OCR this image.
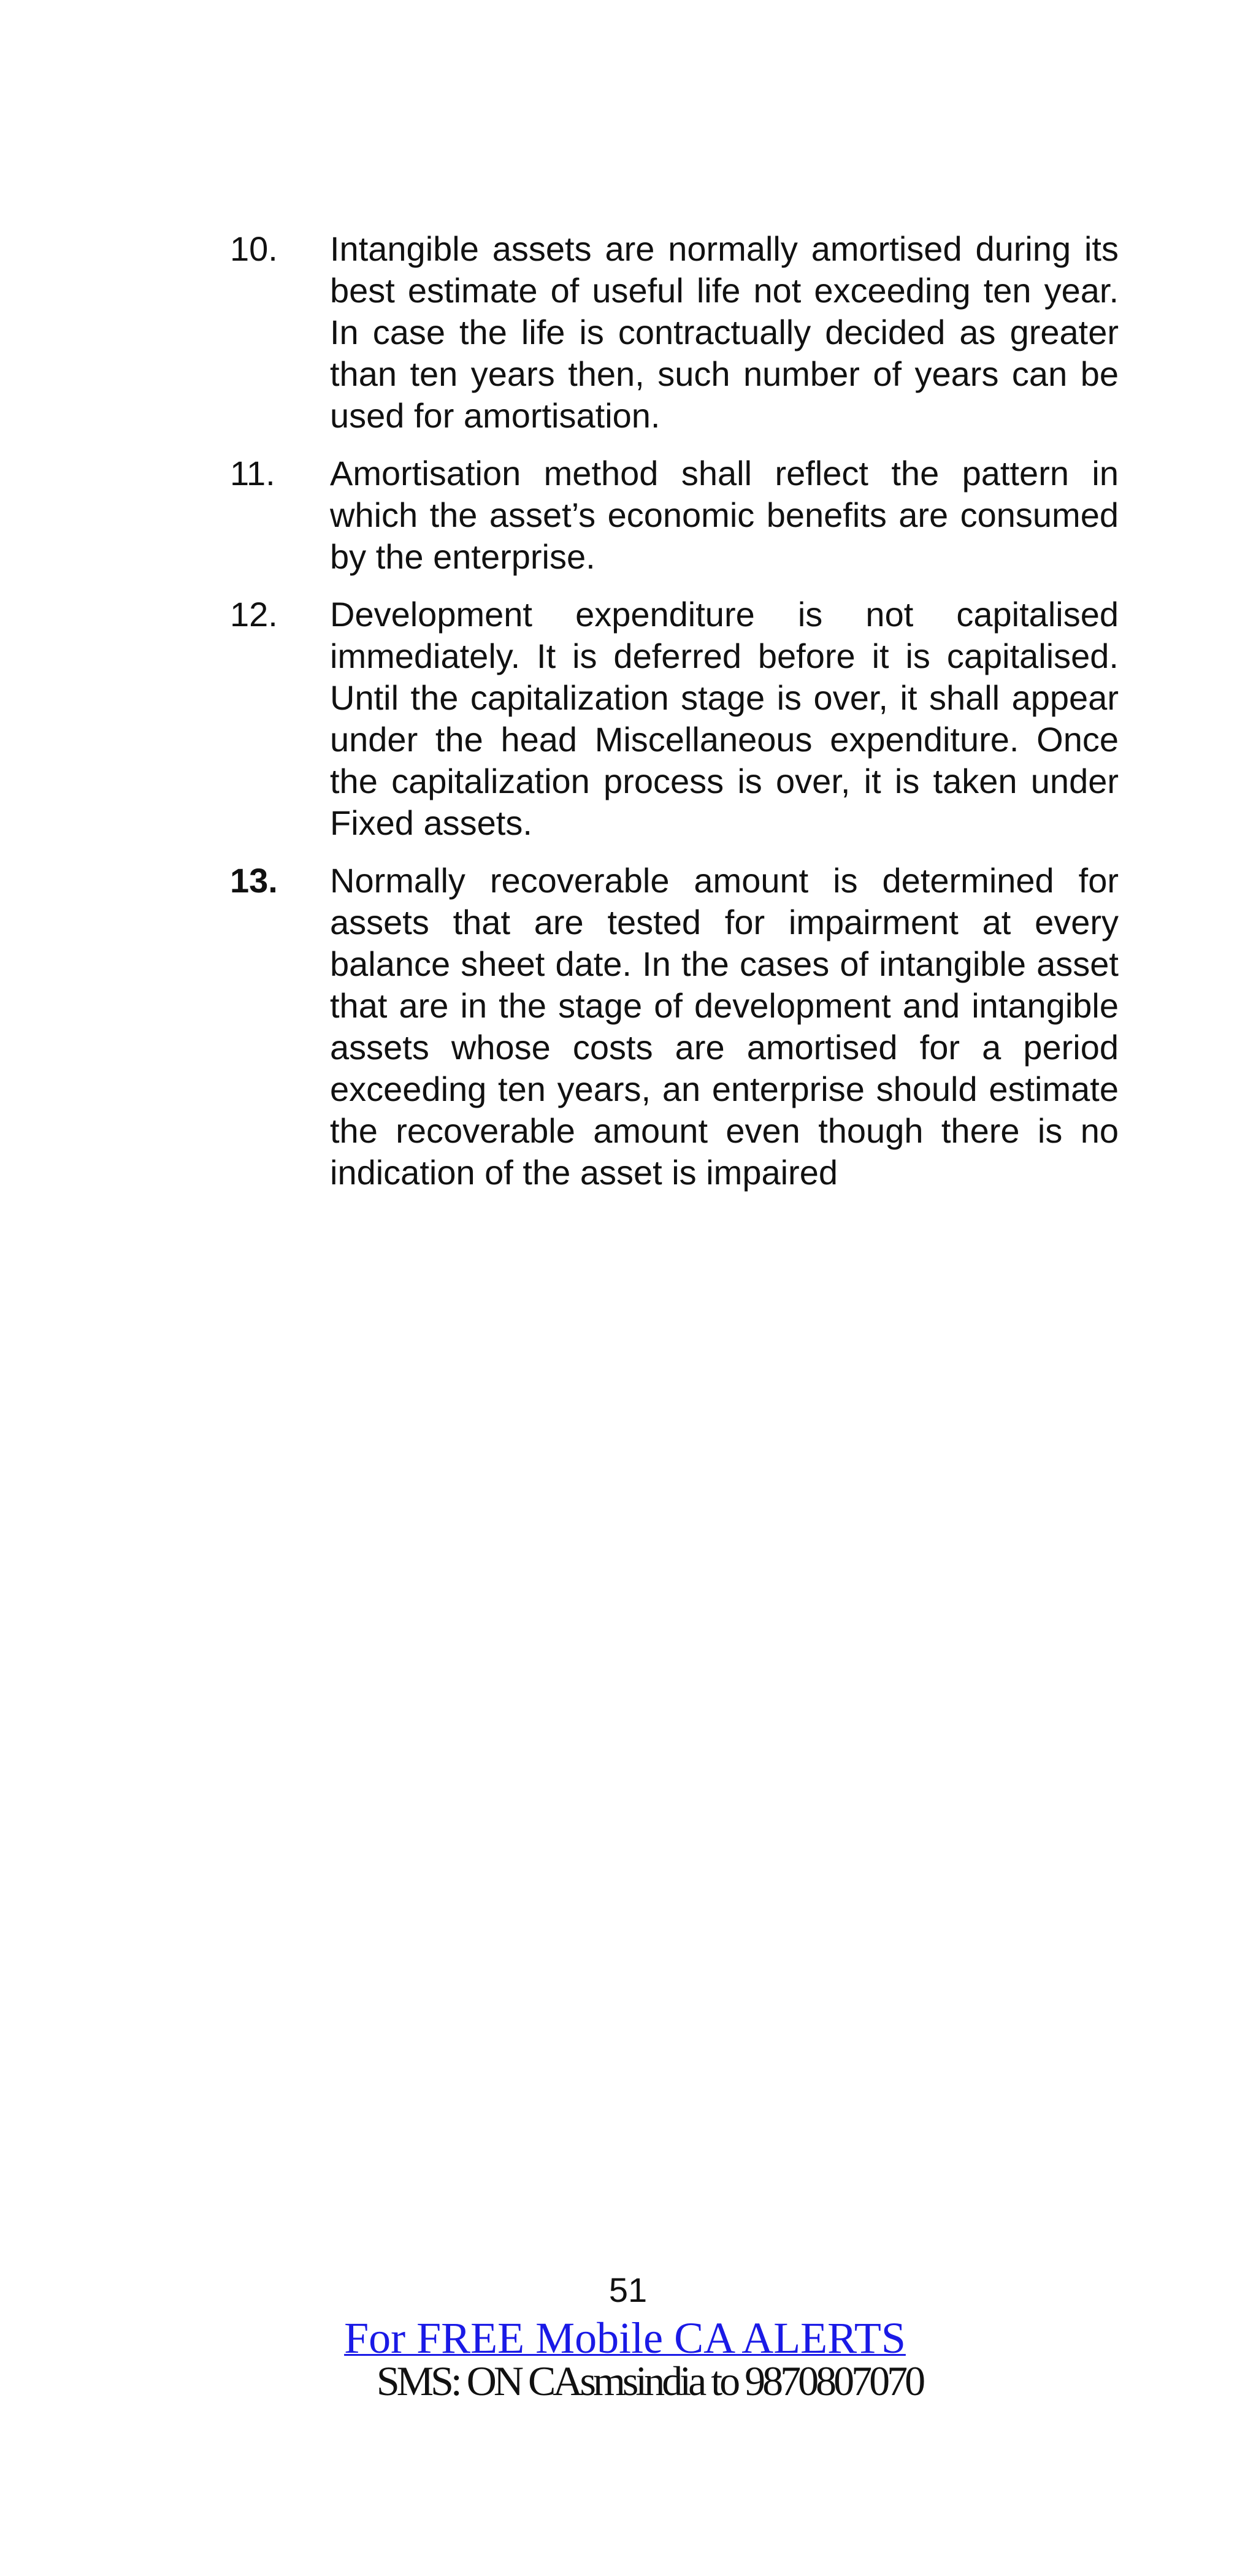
10.	Intangible assets are normally amortised during its best estimate of useful life not exceeding ten year. In case the life is contractually decided as greater than ten years then, such number of years can be used for amortisation.
11.	Amortisation method shall reflect the pattern in which the asset’s economic benefits are consumed by the enterprise.
12.	Development expenditure is not capitalised immediately. It is deferred before it is capitalised. Until the capitalization stage is over, it shall appear under the head Miscellaneous expenditure. Once the capitalization process is over, it is taken under Fixed assets.
13.	Normally recoverable amount is determined for assets that are tested for impairment at every balance sheet date. In the cases of intangible asset that are in the stage of development and intangible assets whose costs are amortised for a period exceeding ten years, an enterprise should estimate the recoverable amount even though there is no indication of the asset is impaired
51
For FREE Mobile CA ALERTS
SMS: ON CAsmsindia to 9870807070
